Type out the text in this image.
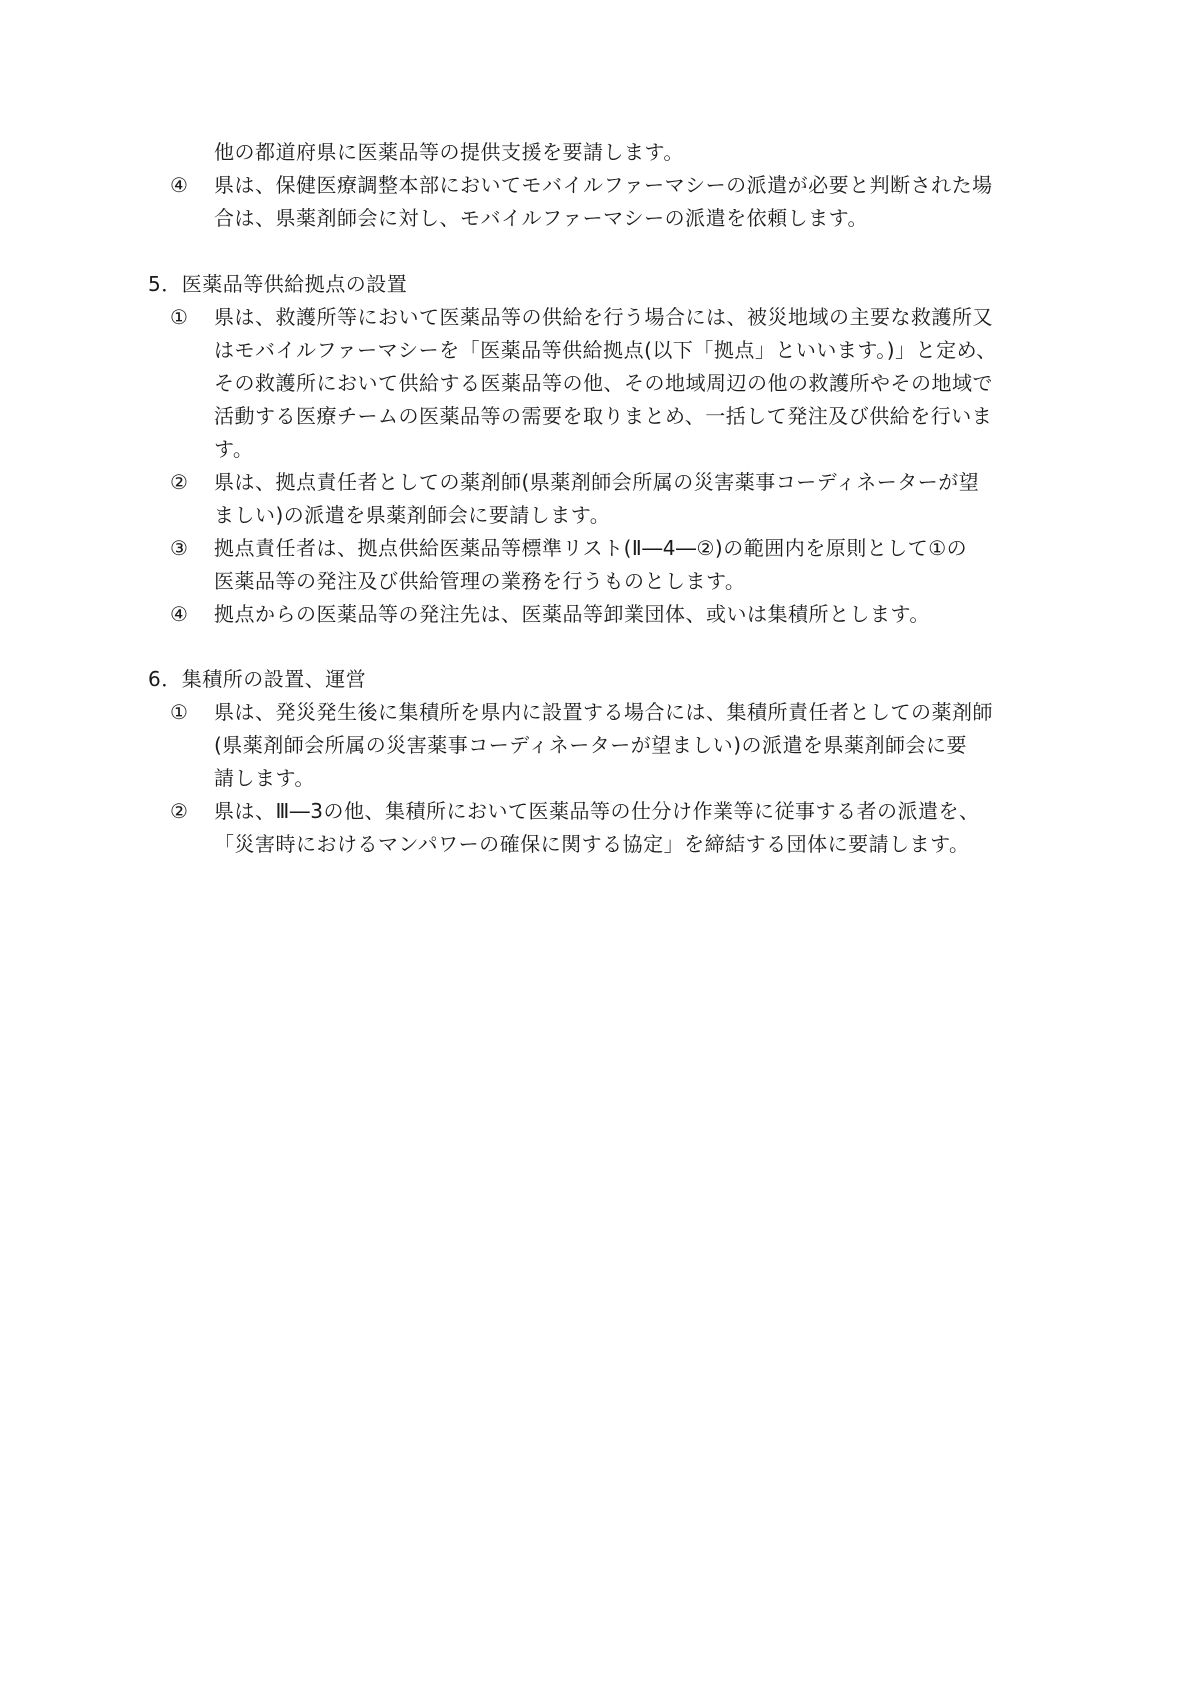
他の都道府県に医薬品等の提供支援を要請します。
④ 県は、保健医療調整本部においてモバイルファーマシーの派遣が必要と判断された場
合は、県薬剤師会に対し、モバイルファーマシーの派遣を依頼します。
5．医薬品等供給拠点の設置
① 県は、救護所等において医薬品等の供給を行う場合には、被災地域の主要な救護所又
はモバイルファーマシーを「医薬品等供給拠点(以下「拠点」といいます。)」と定め、
その救護所において供給する医薬品等の他、その地域周辺の他の救護所やその地域で
活動する医療チームの医薬品等の需要を取りまとめ、一括して発注及び供給を行いま
す。
② 県は、拠点責任者としての薬剤師(県薬剤師会所属の災害薬事コーディネーターが望
ましい)の派遣を県薬剤師会に要請します。
③ 拠点責任者は、拠点供給医薬品等標準リスト(Ⅱ―4―②)の範囲内を原則として①の
医薬品等の発注及び供給管理の業務を行うものとします。
④ 拠点からの医薬品等の発注先は、医薬品等卸業団体、或いは集積所とします。
6．集積所の設置、運営
① 県は、発災発生後に集積所を県内に設置する場合には、集積所責任者としての薬剤師
(県薬剤師会所属の災害薬事コーディネーターが望ましい)の派遣を県薬剤師会に要
請します。
② 県は、Ⅲ―3の他、集積所において医薬品等の仕分け作業等に従事する者の派遣を、
「災害時におけるマンパワーの確保に関する協定」を締結する団体に要請します。
